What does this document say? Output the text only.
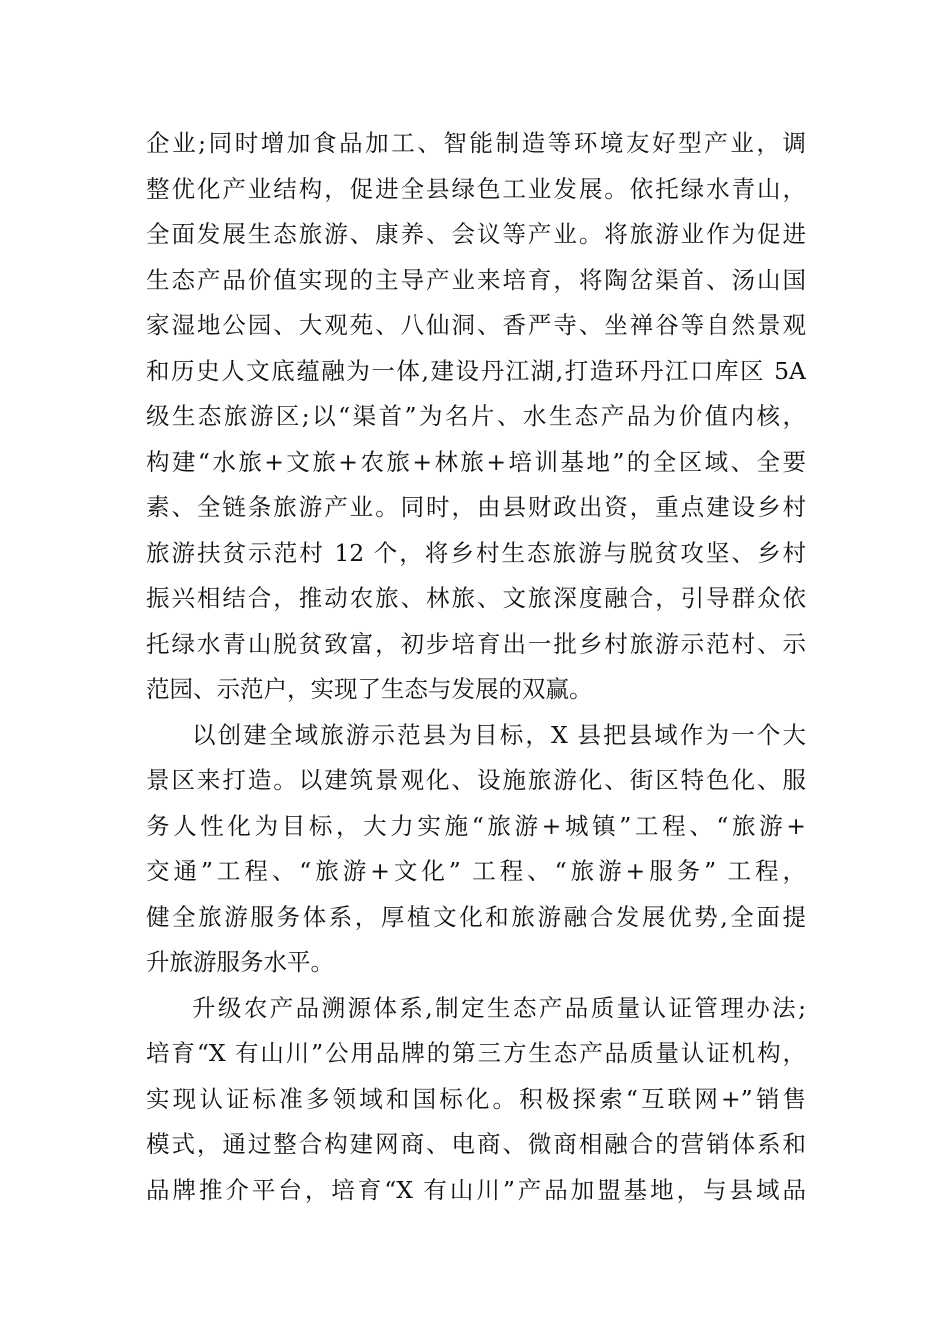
企业;同时增加食品加工、智能制造等环境友好型产业，调
整优化产业结构，促进全县绿色工业发展。依托绿水青山，
全面发展生态旅游、康养、会议等产业。将旅游业作为促进
生态产品价值实现的主导产业来培育，将陶岔渠首、汤山国
家湿地公园、大观苑、八仙洞、香严寺、坐禅谷等自然景观
和历史人文底蕴融为一体,建设丹江湖,打造环丹江口库区 5A
级生态旅游区;以“渠首”为名片、水生态产品为价值内核，
构建“水旅+文旅+农旅+林旅+培训基地”的全区域、全要
素、全链条旅游产业。同时，由县财政出资，重点建设乡村
旅游扶贫示范村 12 个，将乡村生态旅游与脱贫攻坚、乡村
振兴相结合，推动农旅、林旅、文旅深度融合，引导群众依
托绿水青山脱贫致富，初步培育出一批乡村旅游示范村、示
范园、示范户，实现了生态与发展的双赢。
以创建全域旅游示范县为目标，X 县把县域作为一个大
景区来打造。以建筑景观化、设施旅游化、街区特色化、服
务人性化为目标，大力实施“旅游+城镇”工程、“旅游+
交通”工程、“旅游+文化” 工程、“旅游+服务” 工程，
健全旅游服务体系，厚植文化和旅游融合发展优势,全面提
升旅游服务水平。
升级农产品溯源体系,制定生态产品质量认证管理办法;
培育“X 有山川”公用品牌的第三方生态产品质量认证机构，
实现认证标准多领域和国标化。积极探索“互联网+”销售
模式，通过整合构建网商、电商、微商相融合的营销体系和
品牌推介平台，培育“X 有山川”产品加盟基地，与县域品
